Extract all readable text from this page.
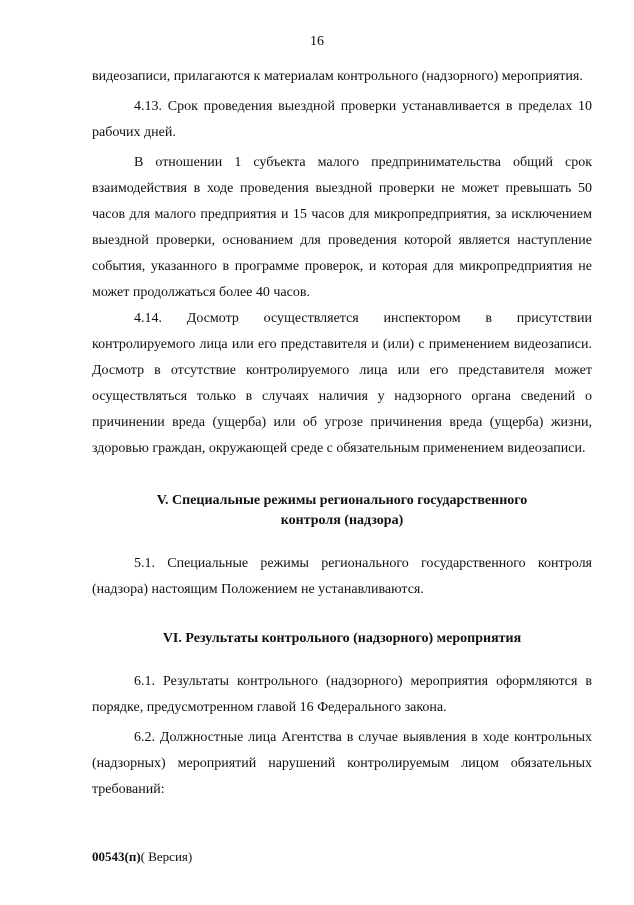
16

видеозаписи, прилагаются к материалам контрольного (надзорного) мероприятия.

4.13. Срок проведения выездной проверки устанавливается в пределах 10 рабочих дней.

В отношении 1 субъекта малого предпринимательства общий срок взаимодействия в ходе проведения выездной проверки не может превышать 50 часов для малого предприятия и 15 часов для микропредприятия, за исключением выездной проверки, основанием для проведения которой является наступление события, указанного в программе проверок, и которая для микропредприятия не может продолжаться более 40 часов.

4.14. Досмотр осуществляется инспектором в присутствии контролируемого лица или его представителя и (или) с применением видеозаписи. Досмотр в отсутствие контролируемого лица или его представителя может осуществляться только в случаях наличия у надзорного органа сведений о причинении вреда (ущерба) или об угрозе причинения вреда (ущерба) жизни, здоровью граждан, окружающей среде с обязательным применением видеозаписи.

V. Специальные режимы регионального государственного
контроля (надзора)

5.1. Специальные режимы регионального государственного контроля (надзора) настоящим Положением не устанавливаются.

VI. Результаты контрольного (надзорного) мероприятия

6.1. Результаты контрольного (надзорного) мероприятия оформляются в порядке, предусмотренном главой 16 Федерального закона.

6.2. Должностные лица Агентства в случае выявления в ходе контрольных (надзорных) мероприятий нарушений контролируемым лицом обязательных требований:

00543(п)( Версия)
